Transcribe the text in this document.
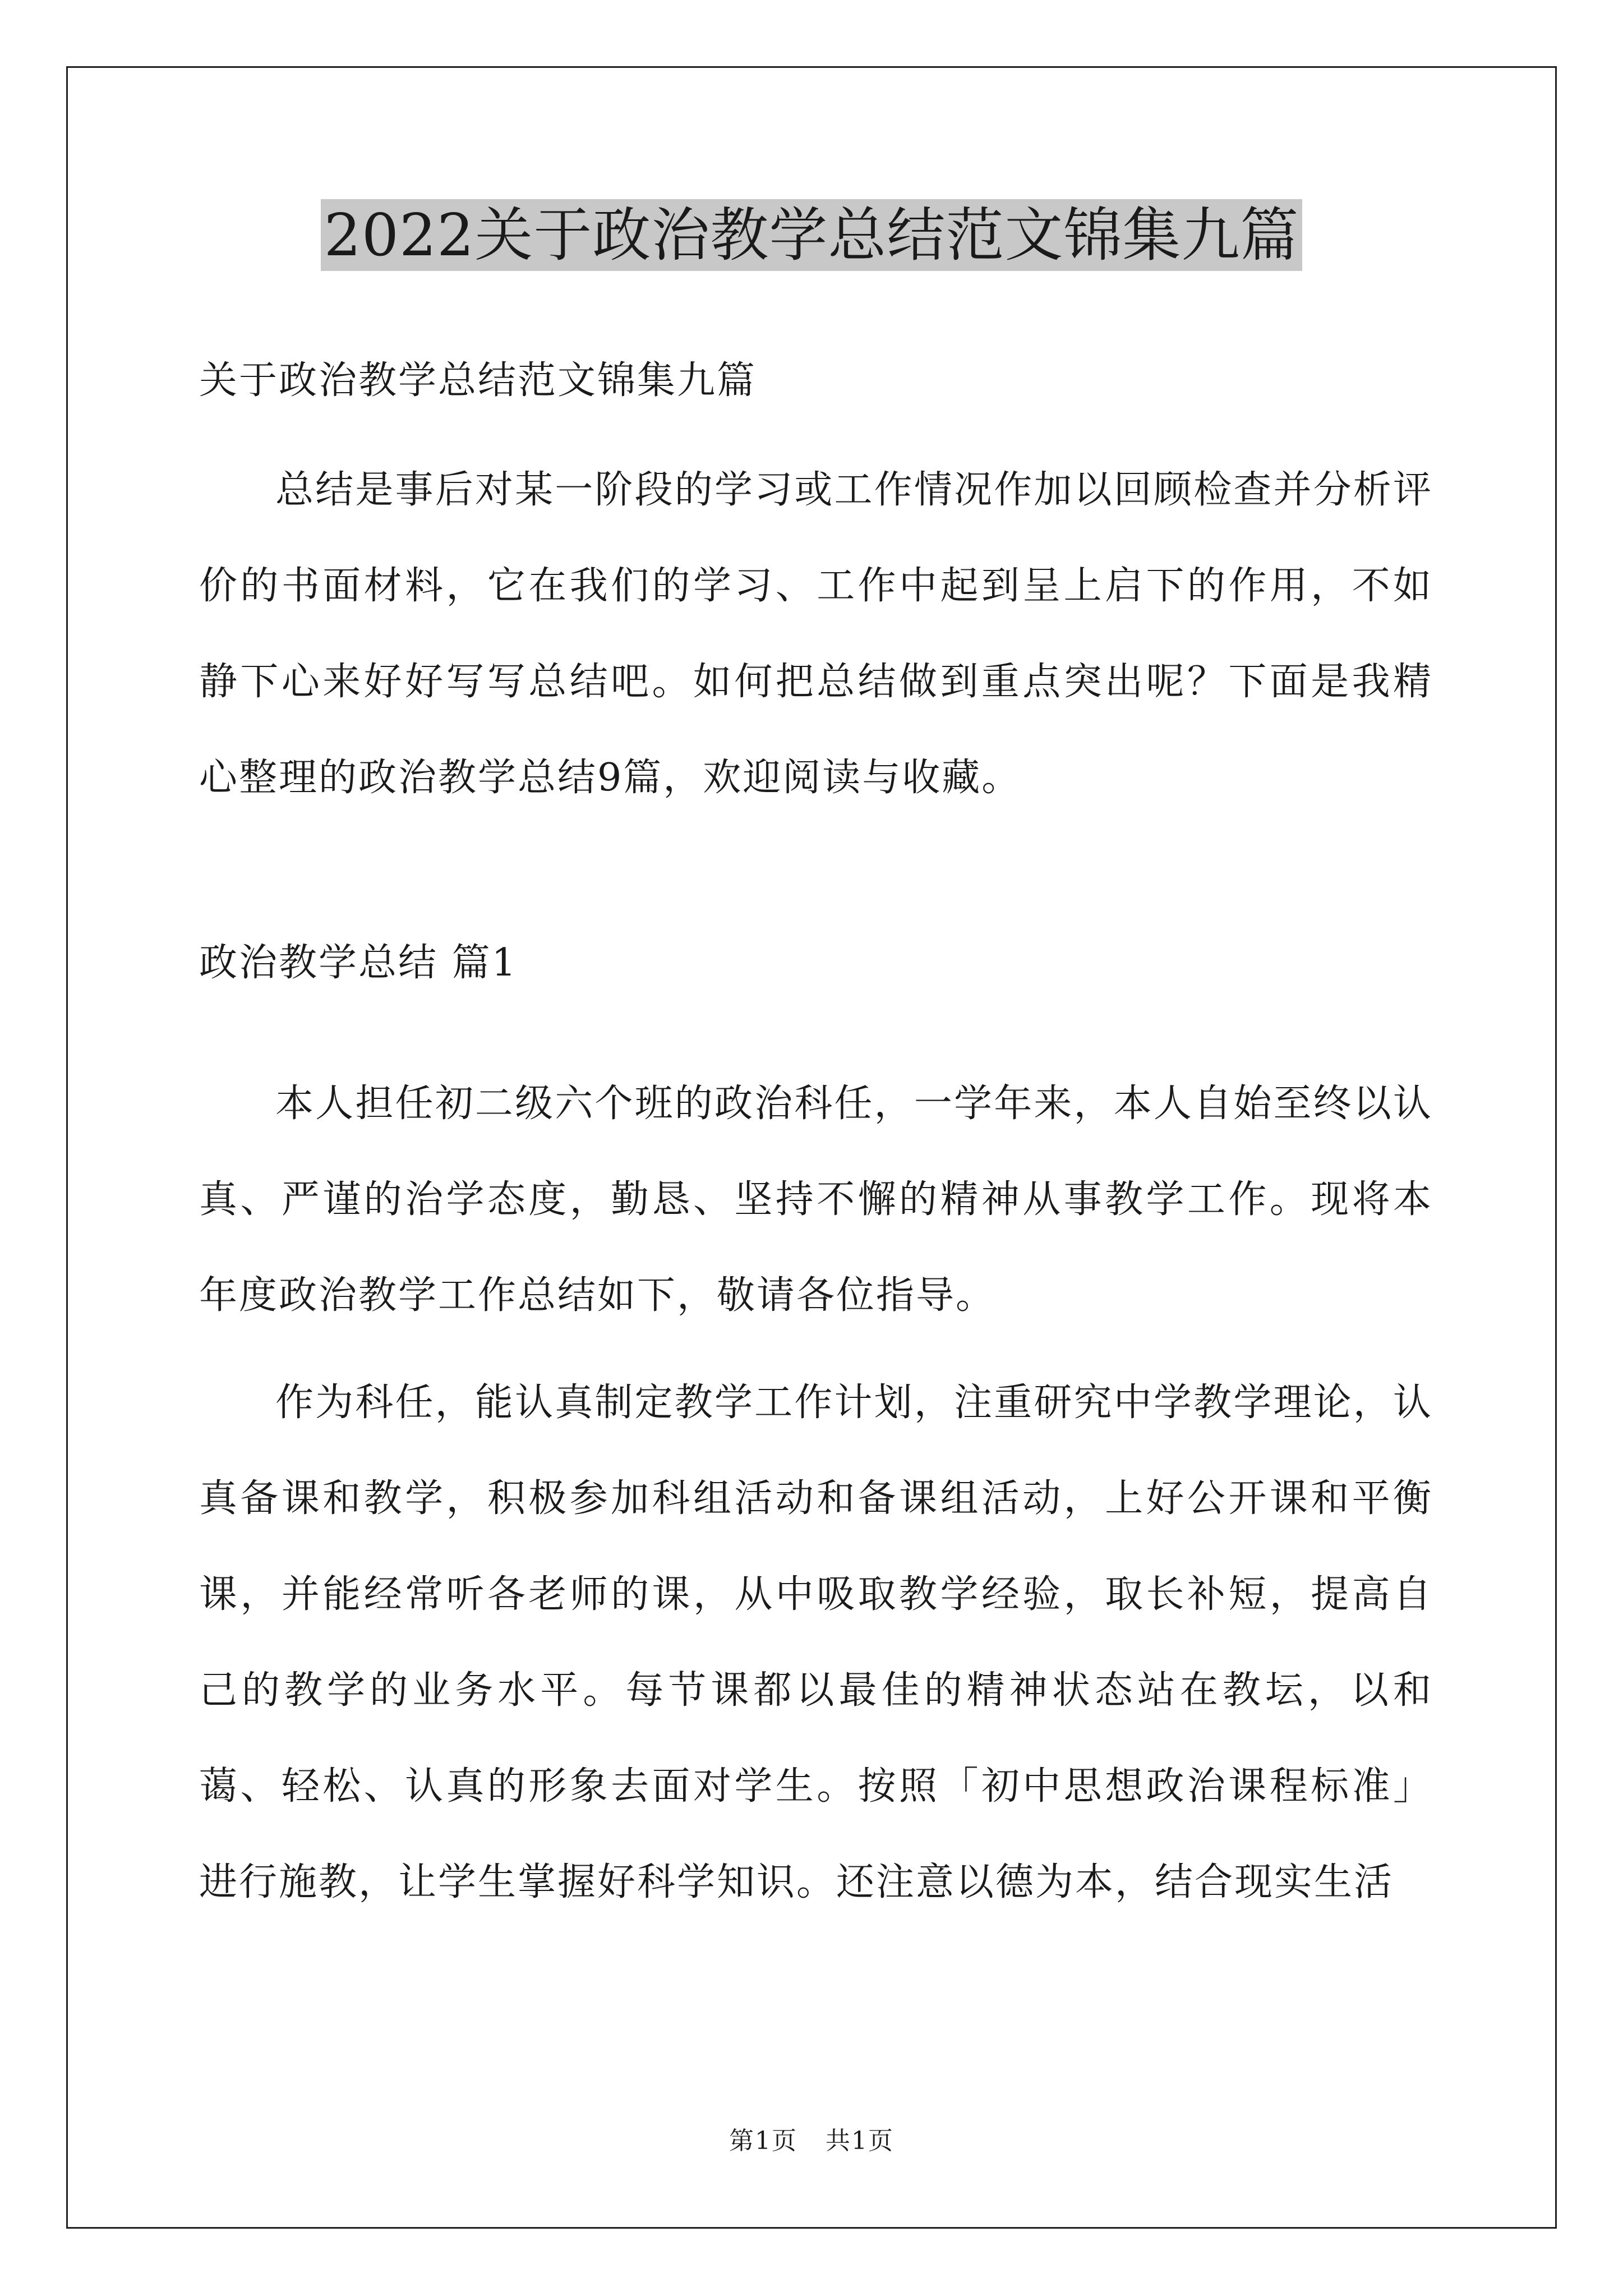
2022关于政治教学总结范文锦集九篇

关于政治教学总结范文锦集九篇

总结是事后对某一阶段的学习或工作情况作加以回顾检查并分析评价的书面材料，它在我们的学习、工作中起到呈上启下的作用，不如静下心来好好写写总结吧。如何把总结做到重点突出呢？下面是我精心整理的政治教学总结9篇，欢迎阅读与收藏。

政治教学总结 篇1

本人担任初二级六个班的政治科任，一学年来，本人自始至终以认真、严谨的治学态度，勤恳、坚持不懈的精神从事教学工作。现将本年度政治教学工作总结如下，敬请各位指导。

作为科任，能认真制定教学工作计划，注重研究中学教学理论，认真备课和教学，积极参加科组活动和备课组活动，上好公开课和平衡课，并能经常听各老师的课，从中吸取教学经验，取长补短，提高自己的教学的业务水平。每节课都以最佳的精神状态站在教坛，以和蔼、轻松、认真的形象去面对学生。按照「初中思想政治课程标准」进行施教，让学生掌握好科学知识。还注意以德为本，结合现实生活

第1页 共1页
